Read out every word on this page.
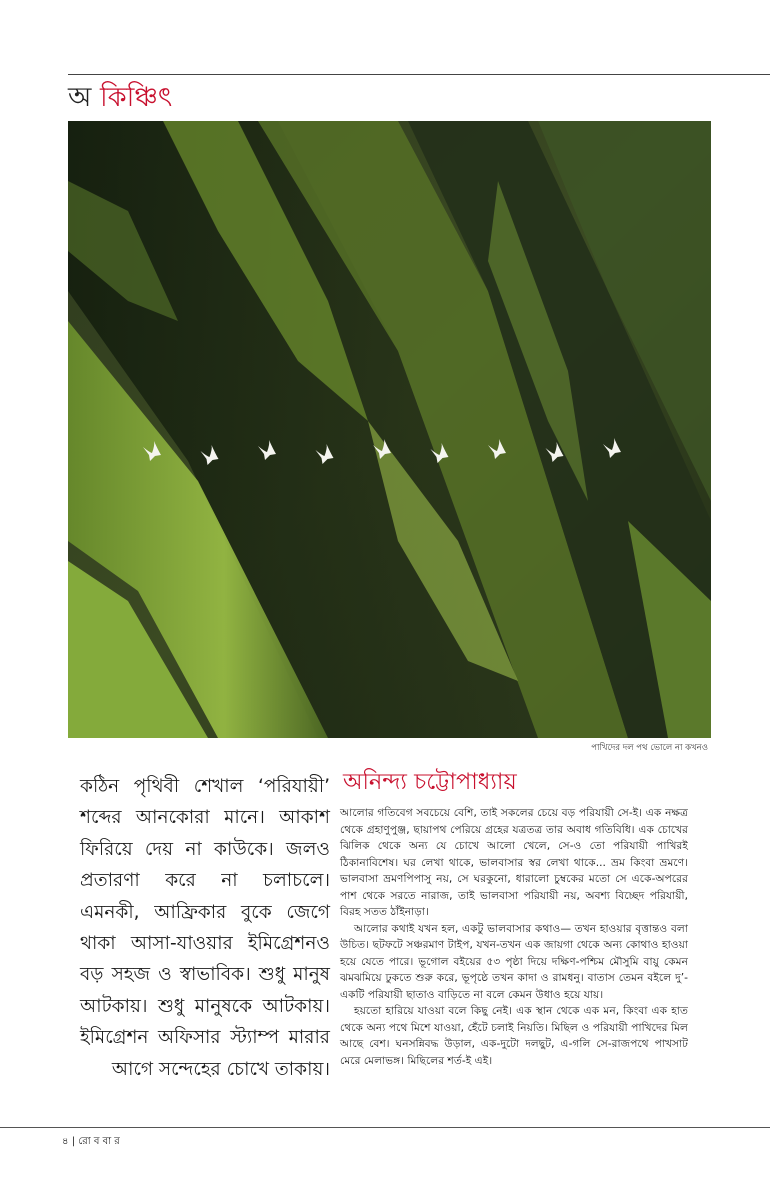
অ কিঞ্চিৎ
পাখিদের দল পথ ভোলে না কখনও

কঠিন পৃথিবী শেখাল ‘পরিযায়ী’ শব্দের আনকোরা মানে। আকাশ ফিরিয়ে দেয় না কাউকে। জলও প্রতারণা করে না চলাচলে। এমনকী, আফ্রিকার বুকে জেগে থাকা আসা-যাওয়ার ইমিগ্রেশনও বড় সহজ ও স্বাভাবিক। শুধু মানুষ আটকায়। শুধু মানুষকে আটকায়। ইমিগ্রেশন অফিসার স্ট্যাম্প মারার আগে সন্দেহের চোখে তাকায়।

অনিন্দ্য চট্টোপাধ্যায়

আলোর গতিবেগ সবচেয়ে বেশি, তাই সকলের চেয়ে বড় পরিযায়ী সে-ই। এক নক্ষত্র থেকে গ্রহাণুপুঞ্জ, ছায়াপথ পেরিয়ে গ্রহের যত্রতত্র তার অবাধ গতিবিধি। এক চোখের ঝিলিক থেকে অন্য যে চোখে আলো খেলে, সে-ও তো পরিযায়ী পাখিরই ঠিকানাবিশেষ। ঘর লেখা থাকে, ভালবাসার স্বর লেখা থাকে... ভ্রম কিংবা ভ্রমণে। ভালবাসা ভ্রমণপিপাসু নয়, সে ঘরকুনো, ধারালো চুম্বকের মতো সে একে-অপরের পাশ থেকে সরতে নারাজ, তাই ভালবাসা পরিযায়ী নয়, অবশ্য বিচ্ছেদ পরিযায়ী, বিরহ সতত ঠাঁইনাড়া।

আলোর কথাই যখন হল, একটু ভালবাসার কথাও— তখন হাওয়ার বৃত্তান্তও বলা উচিত। ছটফটে সঞ্চরমাণ টাইপ, যখন-তখন এক জায়গা থেকে অন্য কোথাও হাওয়া হয়ে যেতে পারে। ভূগোল বইয়ের ৫৩ পৃষ্ঠা দিয়ে দক্ষিণ-পশ্চিম মৌসুমি বায়ু কেমন ঝমঝমিয়ে ঢুকতে শুরু করে, ভূপৃষ্ঠে তখন কাদা ও রামধনু। বাতাস তেমন বইলে দু’-একটি পরিযায়ী ছাতাও বাড়িতে না বলে কেমন উধাও হয়ে যায়।

হয়তো হারিয়ে যাওয়া বলে কিছু নেই। এক স্থান থেকে এক মন, কিংবা এক হাত থেকে অন্য পথে মিশে যাওয়া, হেঁটে চলাই নিয়তি। মিছিল ও পরিযায়ী পাখিদের মিল আছে বেশ। ঘনসন্নিবদ্ধ উড়াল, এক-দুটো দলছুট, এ-গলি সে-রাজপথে পাখসাট মেরে মেলাভঙ্গ। মিছিলের শর্ত-ই এই।

৪ | রো ব বা র
